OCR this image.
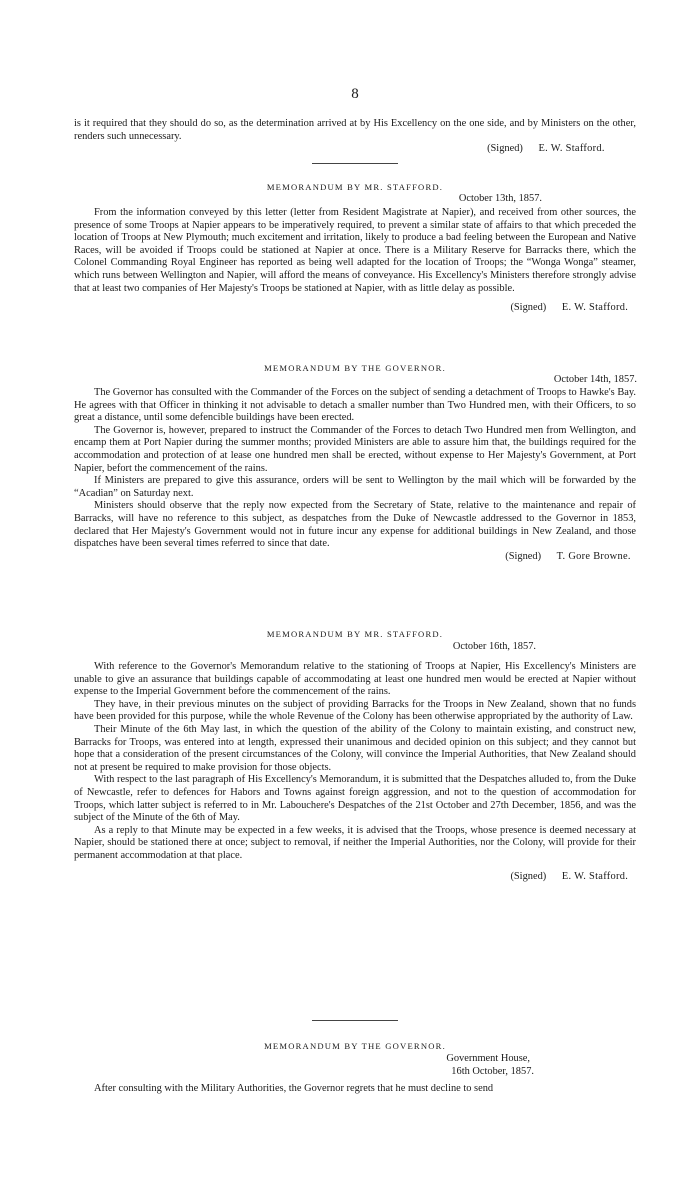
8

is it required that they should do so, as the determination arrived at by His Excellency on the one side, and by Ministers on the other, renders such unnecessary.

(Signed) E. W. Stafford.

MEMORANDUM BY MR. STAFFORD.
October 13th, 1857.

From the information conveyed by this letter (letter from Resident Magistrate at Napier), and received from other sources, the presence of some Troops at Napier appears to be imperatively required, to prevent a similar state of affairs to that which preceded the location of Troops at New Plymouth; much excitement and irritation, likely to produce a bad feeling between the European and Native Races, will be avoided if Troops could be stationed at Napier at once. There is a Military Reserve for Barracks there, which the Colonel Commanding Royal Engineer has reported as being well adapted for the location of Troops; the “Wonga Wonga” steamer, which runs between Wellington and Napier, will afford the means of conveyance. His Excellency's Ministers therefore strongly advise that at least two companies of Her Majesty's Troops be stationed at Napier, with as little delay as possible.

(Signed) E. W. Stafford.

MEMORANDUM BY THE GOVERNOR.
October 14th, 1857.

The Governor has consulted with the Commander of the Forces on the subject of sending a detachment of Troops to Hawke's Bay. He agrees with that Officer in thinking it not advisable to detach a smaller number than Two Hundred men, with their Officers, to so great a distance, until some defencible buildings have been erected.

The Governor is, however, prepared to instruct the Commander of the Forces to detach Two Hundred men from Wellington, and encamp them at Port Napier during the summer months; provided Ministers are able to assure him that, the buildings required for the accommodation and protection of at lease one hundred men shall be erected, without expense to Her Majesty's Government, at Port Napier, befort the commencement of the rains.

If Ministers are prepared to give this assurance, orders will be sent to Wellington by the mail which will be forwarded by the “Acadian” on Saturday next.

Ministers should observe that the reply now expected from the Secretary of State, relative to the maintenance and repair of Barracks, will have no reference to this subject, as despatches from the Duke of Newcastle addressed to the Governor in 1853, declared that Her Majesty's Government would not in future incur any expense for additional buildings in New Zealand, and those dispatches have been several times referred to since that date.

(Signed) T. Gore Browne.

MEMORANDUM BY MR. STAFFORD.
October 16th, 1857.

With reference to the Governor's Memorandum relative to the stationing of Troops at Napier, His Excellency's Ministers are unable to give an assurance that buildings capable of accommodating at least one hundred men would be erected at Napier without expense to the Imperial Government before the commencement of the rains.

They have, in their previous minutes on the subject of providing Barracks for the Troops in New Zealand, shown that no funds have been provided for this purpose, while the whole Revenue of the Colony has been otherwise appropriated by the authority of Law.

Their Minute of the 6th May last, in which the question of the ability of the Colony to maintain existing, and construct new, Barracks for Troops, was entered into at length, expressed their unanimous and decided opinion on this subject; and they cannot but hope that a consideration of the present circumstances of the Colony, will convince the Imperial Authorities, that New Zealand should not at present be required to make provision for those objects.

With respect to the last paragraph of His Excellency's Memorandum, it is submitted that the Despatches alluded to, from the Duke of Newcastle, refer to defences for Habors and Towns against foreign aggression, and not to the question of accommodation for Troops, which latter subject is referred to in Mr. Labouchere's Despatches of the 21st October and 27th December, 1856, and was the subject of the Minute of the 6th of May.

As a reply to that Minute may be expected in a few weeks, it is advised that the Troops, whose presence is deemed necessary at Napier, should be stationed there at once; subject to removal, if neither the Imperial Authorities, nor the Colony, will provide for their permanent accommodation at that place.

(Signed) E. W. Stafford.

MEMORANDUM BY THE GOVERNOR.
Government House,
16th October, 1857.

After consulting with the Military Authorities, the Governor regrets that he must decline to send
